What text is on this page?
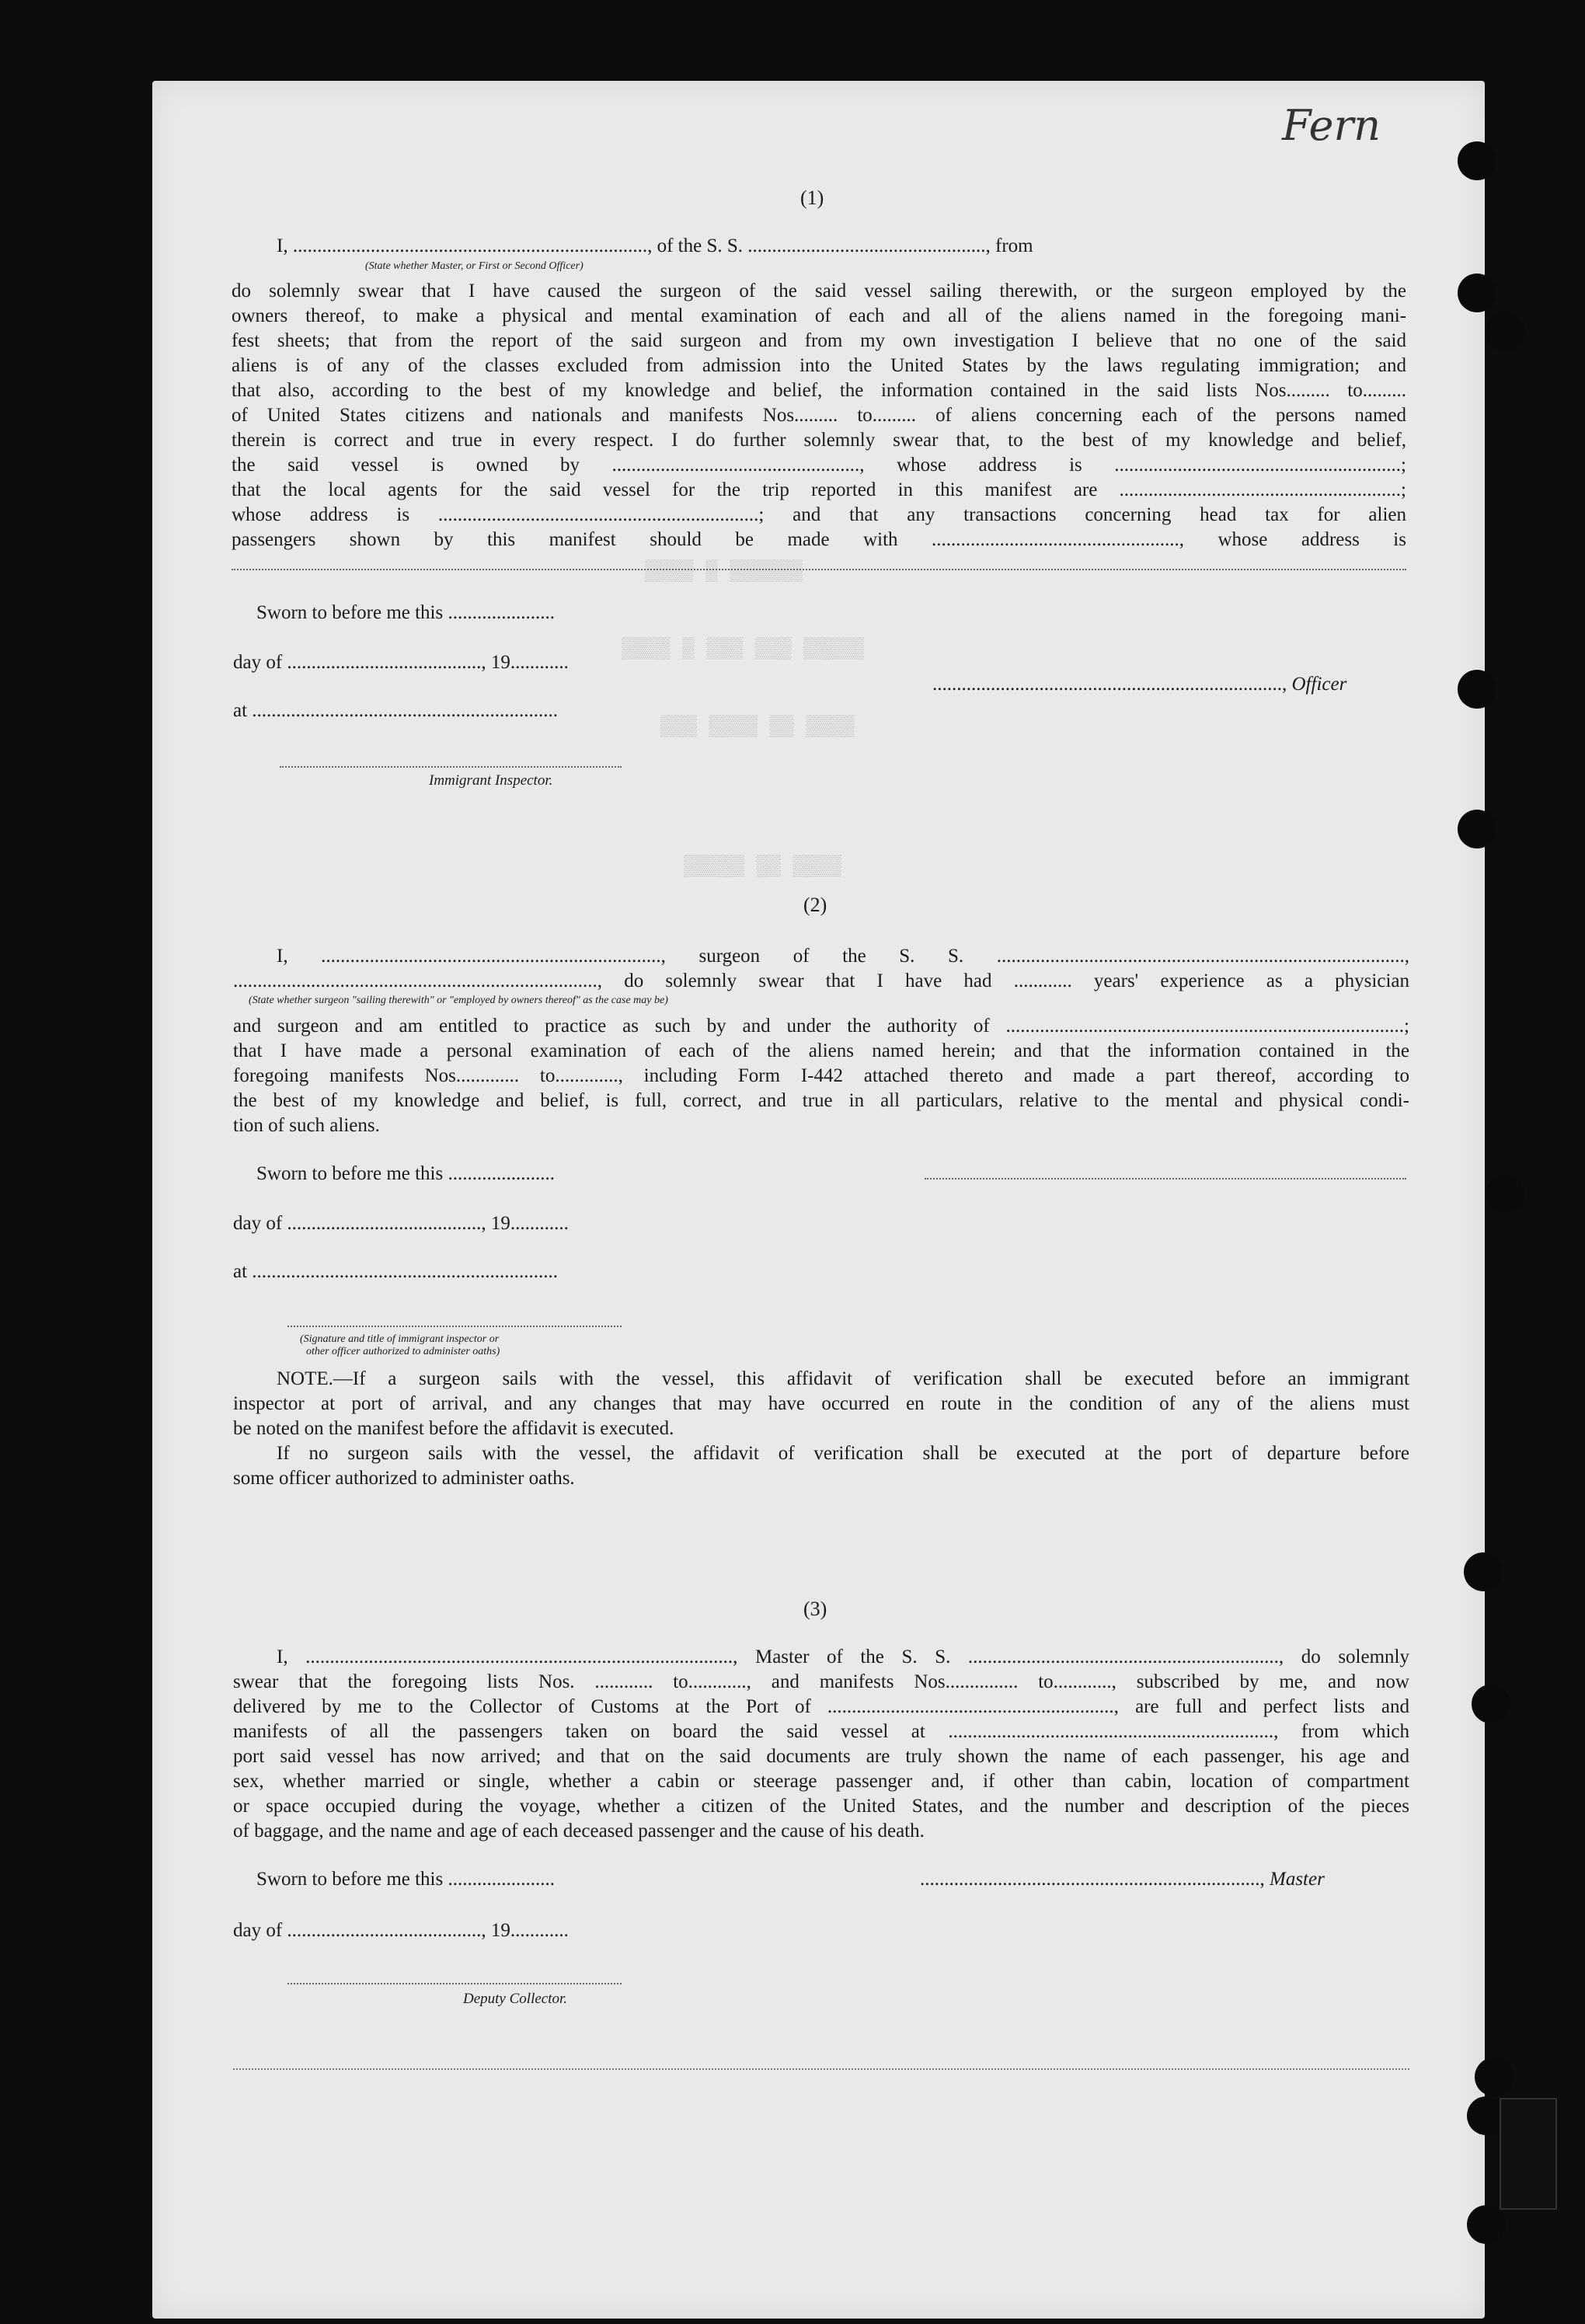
▒▒▒▒ ▒ ▒▒▒▒▒▒
▒▒▒▒ ▒ ▒▒▒ ▒▒▒ ▒▒▒▒▒
▒▒▒ ▒▒▒▒ ▒▒ ▒▒▒▒
▒▒▒▒▒ ▒▒ ▒▒▒▒
Fern
(1)
I, ........................................................................., of the S. S. ................................................., from
(State whether Master, or First or Second Officer)
do solemnly swear that I have caused the surgeon of the said vessel sailing therewith, or the surgeon employed by the
owners thereof, to make a physical and mental examination of each and all of the aliens named in the foregoing mani-
fest sheets; that from the report of the said surgeon and from my own investigation I believe that no one of the said
aliens is of any of the classes excluded from admission into the United States by the laws regulating immigration; and
that also, according to the best of my knowledge and belief, the information contained in the said lists Nos......... to.........
of United States citizens and nationals and manifests Nos......... to......... of aliens concerning each of the persons named
therein is correct and true in every respect. I do further solemnly swear that, to the best of my knowledge and belief,
the said vessel is owned by ..................................................., whose address is ...........................................................;
that the local agents for the said vessel for the trip reported in this manifest are ..........................................................;
whose address is ..................................................................; and that any transactions concerning head tax for alien
passengers shown by this manifest should be made with ..................................................., whose address is
Sworn to before me this ......................
day of ........................................, 19............
........................................................................, Officer
at ...............................................................
Immigrant Inspector.
(2)
I, ......................................................................, surgeon of the S. S. ....................................................................................,
..........................................................................., do solemnly swear that I have had ............ years' experience as a physician
(State whether surgeon "sailing therewith" or "employed by owners thereof" as the case may be)
and surgeon and am entitled to practice as such by and under the authority of ..................................................................................;
that I have made a personal examination of each of the aliens named herein; and that the information contained in the
foregoing manifests Nos............. to............., including Form I-442 attached thereto and made a part thereof, according to
the best of my knowledge and belief, is full, correct, and true in all particulars, relative to the mental and physical condi-
tion of such aliens.
Sworn to before me this ......................
day of ........................................, 19............
at ...............................................................
(Signature and title of immigrant inspector or
other officer authorized to administer oaths)
NOTE.—If a surgeon sails with the vessel, this affidavit of verification shall be executed before an immigrant
inspector at port of arrival, and any changes that may have occurred en route in the condition of any of the aliens must
be noted on the manifest before the affidavit is executed.
If no surgeon sails with the vessel, the affidavit of verification shall be executed at the port of departure before
some officer authorized to administer oaths.
(3)
I, ........................................................................................, Master of the S. S. ................................................................, do solemnly
swear that the foregoing lists Nos. ............ to............, and manifests Nos............... to............, subscribed by me, and now
delivered by me to the Collector of Customs at the Port of ..........................................................., are full and perfect lists and
manifests of all the passengers taken on board the said vessel at ..................................................................., from which
port said vessel has now arrived; and that on the said documents are truly shown the name of each passenger, his age and
sex, whether married or single, whether a cabin or steerage passenger and, if other than cabin, location of compartment
or space occupied during the voyage, whether a citizen of the United States, and the number and description of the pieces
of baggage, and the name and age of each deceased passenger and the cause of his death.
Sworn to before me this ......................	......................................................................, Master
day of ........................................, 19............
Deputy Collector.
